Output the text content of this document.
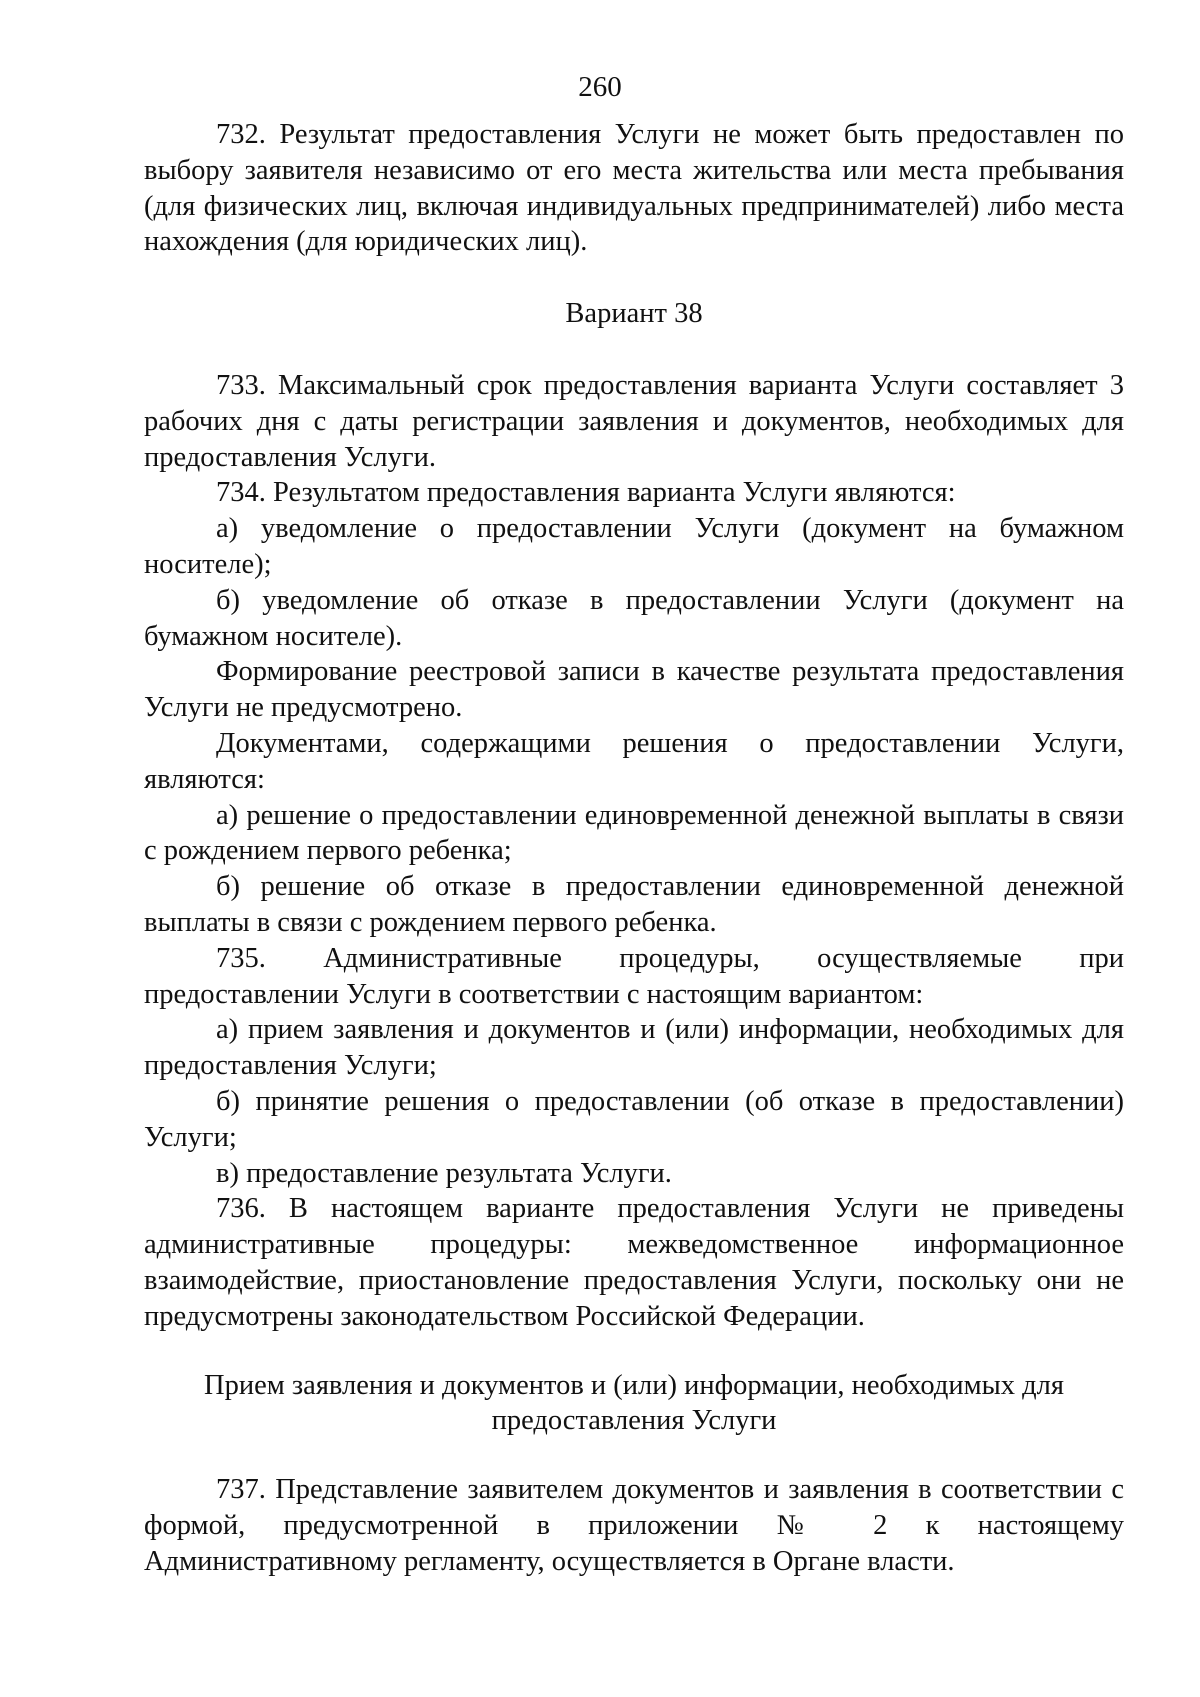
260

732. Результат предоставления Услуги не может быть предоставлен по выбору заявителя независимо от его места жительства или места пребывания (для физических лиц, включая индивидуальных предпринимателей) либо места нахождения (для юридических лиц).

Вариант 38

733. Максимальный срок предоставления варианта Услуги составляет 3 рабочих дня с даты регистрации заявления и документов, необходимых для предоставления Услуги.

734. Результатом предоставления варианта Услуги являются:

а) уведомление о предоставлении Услуги (документ на бумажном носителе);

б) уведомление об отказе в предоставлении Услуги (документ на бумажном носителе).

Формирование реестровой записи в качестве результата предоставления Услуги не предусмотрено.

Документами, содержащими решения о предоставлении Услуги, являются:

а) решение о предоставлении единовременной денежной выплаты в связи с рождением первого ребенка;

б) решение об отказе в предоставлении единовременной денежной выплаты в связи с рождением первого ребенка.

735. Административные процедуры, осуществляемые при предоставлении Услуги в соответствии с настоящим вариантом:

а) прием заявления и документов и (или) информации, необходимых для предоставления Услуги;

б) принятие решения о предоставлении (об отказе в предоставлении) Услуги;

в) предоставление результата Услуги.

736. В настоящем варианте предоставления Услуги не приведены административные процедуры: межведомственное информационное взаимодействие, приостановление предоставления Услуги, поскольку они не предусмотрены законодательством Российской Федерации.

Прием заявления и документов и (или) информации, необходимых для

предоставления Услуги

737. Представление заявителем документов и заявления в соответствии с формой, предусмотренной в приложении № 2 к настоящему Административному регламенту, осуществляется в Органе власти.
